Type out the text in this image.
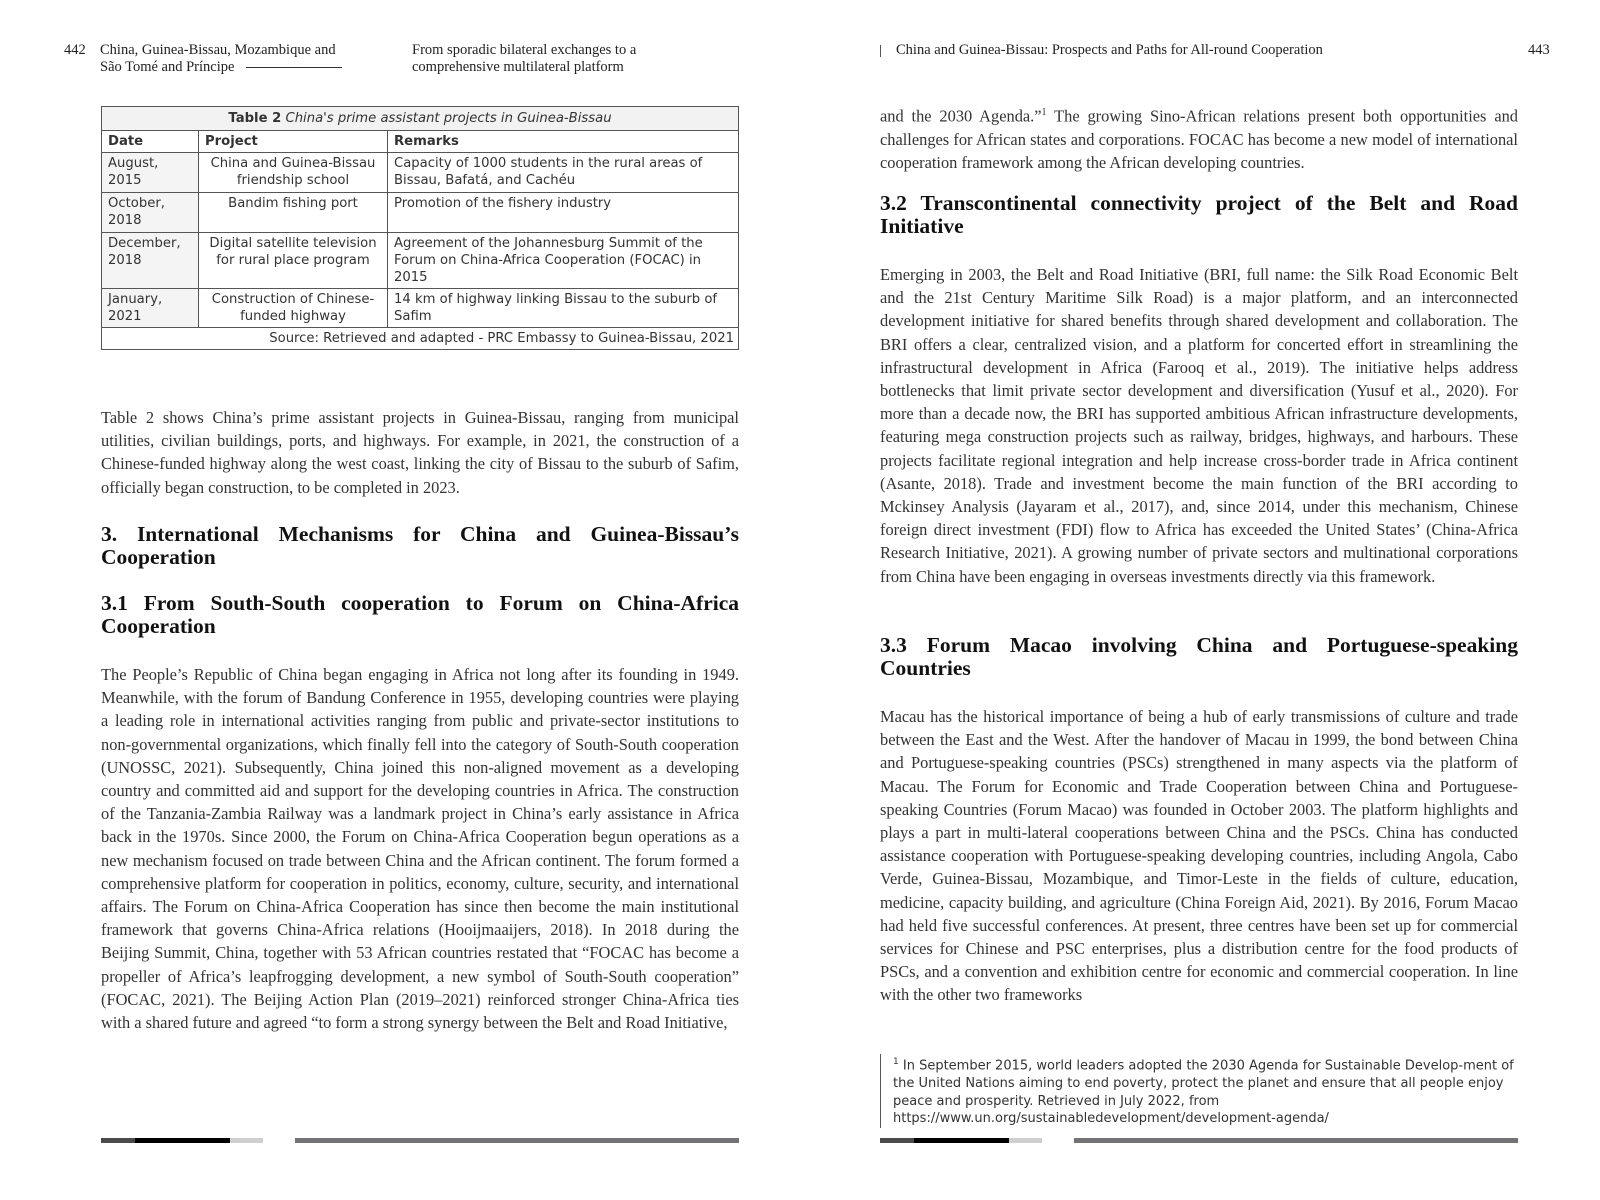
442 China, Guinea-Bissau, Mozambique and
São Tomé and Príncipe
From sporadic bilateral exchanges to a
comprehensive multilateral platform
China and Guinea-Bissau: Prospects and Paths for All-round Cooperation	443
Table 2 China's prime assistant projects in Guinea-Bissau		
Date	Project	Remarks
August, 2015	China and Guinea-Bissau friendship school	Capacity of 1000 students in the rural areas of Bissau, Bafatá, and Cachéu
October, 2018	Bandim fishing port	Promotion of the fishery industry
December, 2018	Digital satellite television for rural place program	Agreement of the Johannesburg Summit of the Forum on China-Africa Cooperation (FOCAC) in 2015
January, 2021	Construction of Chinese-funded highway	14 km of highway linking Bissau to the suburb of Safim
Source: Retrieved and adapted - PRC Embassy to Guinea-Bissau, 2021		
Table 2 shows China’s prime assistant projects in Guinea-Bissau, ranging from municipal utilities, civilian buildings, ports, and highways. For example, in 2021, the construction of a Chinese-funded highway along the west coast, linking the city of Bissau to the suburb of Safim, officially began construction, to be completed in 2023.
3. International Mechanisms for China and Guinea-Bissau’s Cooperation
3.1 From South-South cooperation to Forum on China-Africa Cooperation
The People’s Republic of China began engaging in Africa not long after its founding in 1949. Meanwhile, with the forum of Bandung Conference in 1955, developing countries were playing a leading role in international activities ranging from public and private-sector institutions to non-governmental organizations, which finally fell into the category of South-South cooperation (UNOSSC, 2021). Subsequently, China joined this non-aligned movement as a developing country and committed aid and support for the developing countries in Africa. The construction of the Tanzania-Zambia Railway was a landmark project in China’s early assistance in Africa back in the 1970s. Since 2000, the Forum on China-Africa Cooperation begun operations as a new mechanism focused on trade between China and the African continent. The forum formed a comprehensive platform for cooperation in politics, economy, culture, security, and international affairs. The Forum on China-Africa Cooperation has since then become the main institutional framework that governs China-Africa relations (Hooijmaaijers, 2018). In 2018 during the Beijing Summit, China, together with 53 African countries restated that “FOCAC has become a propeller of Africa’s leapfrogging development, a new symbol of South-South cooperation” (FOCAC, 2021). The Beijing Action Plan (2019–2021) reinforced stronger China-Africa ties with a shared future and agreed “to form a strong synergy between the Belt and Road Initiative,
and the 2030 Agenda.”$^1$ The growing Sino-African relations present both opportunities and challenges for African states and corporations. FOCAC has become a new model of international cooperation framework among the African developing countries.
3.2 Transcontinental connectivity project of the Belt and Road Initiative
Emerging in 2003, the Belt and Road Initiative (BRI, full name: the Silk Road Economic Belt and the 21st Century Maritime Silk Road) is a major platform, and an interconnected development initiative for shared benefits through shared development and collaboration. The BRI offers a clear, centralized vision, and a platform for concerted effort in streamlining the infrastructural development in Africa (Farooq et al., 2019). The initiative helps address bottlenecks that limit private sector development and diversification (Yusuf et al., 2020). For more than a decade now, the BRI has supported ambitious African infrastructure developments, featuring mega construction projects such as railway, bridges, highways, and harbours. These projects facilitate regional integration and help increase cross-border trade in Africa continent (Asante, 2018). Trade and investment become the main function of the BRI according to Mckinsey Analysis (Jayaram et al., 2017), and, since 2014, under this mechanism, Chinese foreign direct investment (FDI) flow to Africa has exceeded the United States’ (China-Africa Research Initiative, 2021). A growing number of private sectors and multinational corporations from China have been engaging in overseas investments directly via this framework.
3.3 Forum Macao involving China and Portuguese-speaking Countries
Macau has the historical importance of being a hub of early transmissions of culture and trade between the East and the West. After the handover of Macau in 1999, the bond between China and Portuguese-speaking countries (PSCs) strengthened in many aspects via the platform of Macau. The Forum for Economic and Trade Cooperation between China and Portuguese-speaking Countries (Forum Macao) was founded in October 2003. The platform highlights and plays a part in multi-lateral cooperations between China and the PSCs. China has conducted assistance cooperation with Portuguese-speaking developing countries, including Angola, Cabo Verde, Guinea-Bissau, Mozambique, and Timor-Leste in the fields of culture, education, medicine, capacity building, and agriculture (China Foreign Aid, 2021). By 2016, Forum Macao had held five successful conferences. At present, three centres have been set up for commercial services for Chinese and PSC enterprises, plus a distribution centre for the food products of PSCs, and a convention and exhibition centre for economic and commercial cooperation. In line with the other two frameworks
$^1$ In September 2015, world leaders adopted the 2030 Agenda for Sustainable Develop-ment of the United Nations aiming to end poverty, protect the planet and ensure that all people enjoy peace and prosperity. Retrieved in July 2022, from https://www.un.org/sustainabledevelopment/development-agenda/
